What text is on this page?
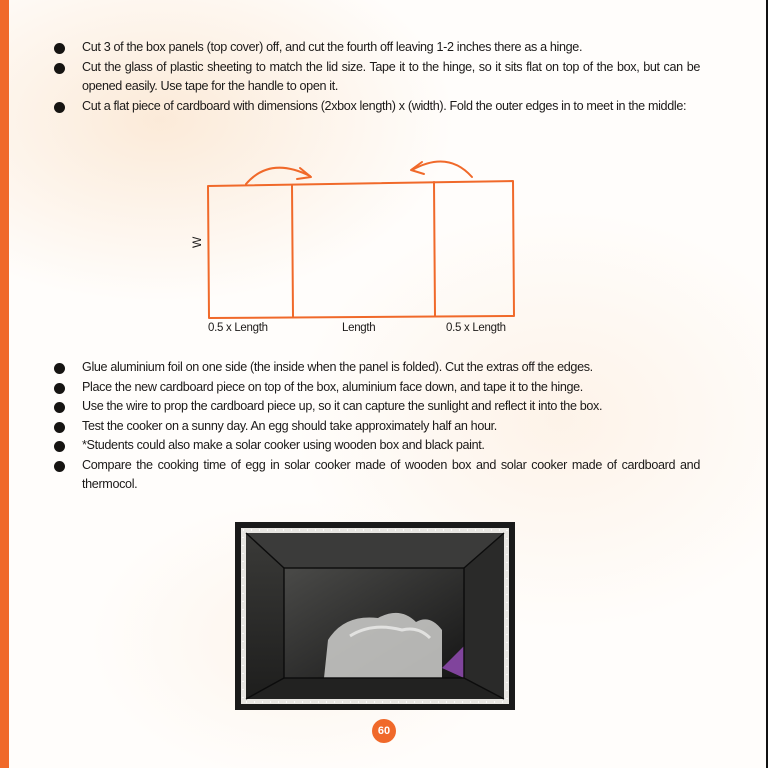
Cut 3 of the box panels (top cover) off, and cut the fourth off leaving 1-2 inches there as a hinge.
Cut the glass of plastic sheeting to match the lid size. Tape it to the hinge, so it sits flat on top of the box, but can be opened easily. Use tape for the handle to open it.
Cut a flat piece of cardboard with dimensions (2xbox length) x (width). Fold the outer edges in to meet in the middle:
W
0.5 x Length	Length	0.5 x Length
Glue aluminium foil on one side (the inside when the panel is folded). Cut the extras off the edges.
Place the new cardboard piece on top of the box, aluminium face down, and tape it to the hinge.
Use the wire to prop the cardboard piece up, so it can capture the sunlight and reflect it into the box.
Test the cooker on a sunny day. An egg should take approximately half an hour.
*Students could also make a solar cooker using wooden box and black paint.
Compare the cooking time of egg in solar cooker made of wooden box and solar cooker made of cardboard and thermocol.
60
